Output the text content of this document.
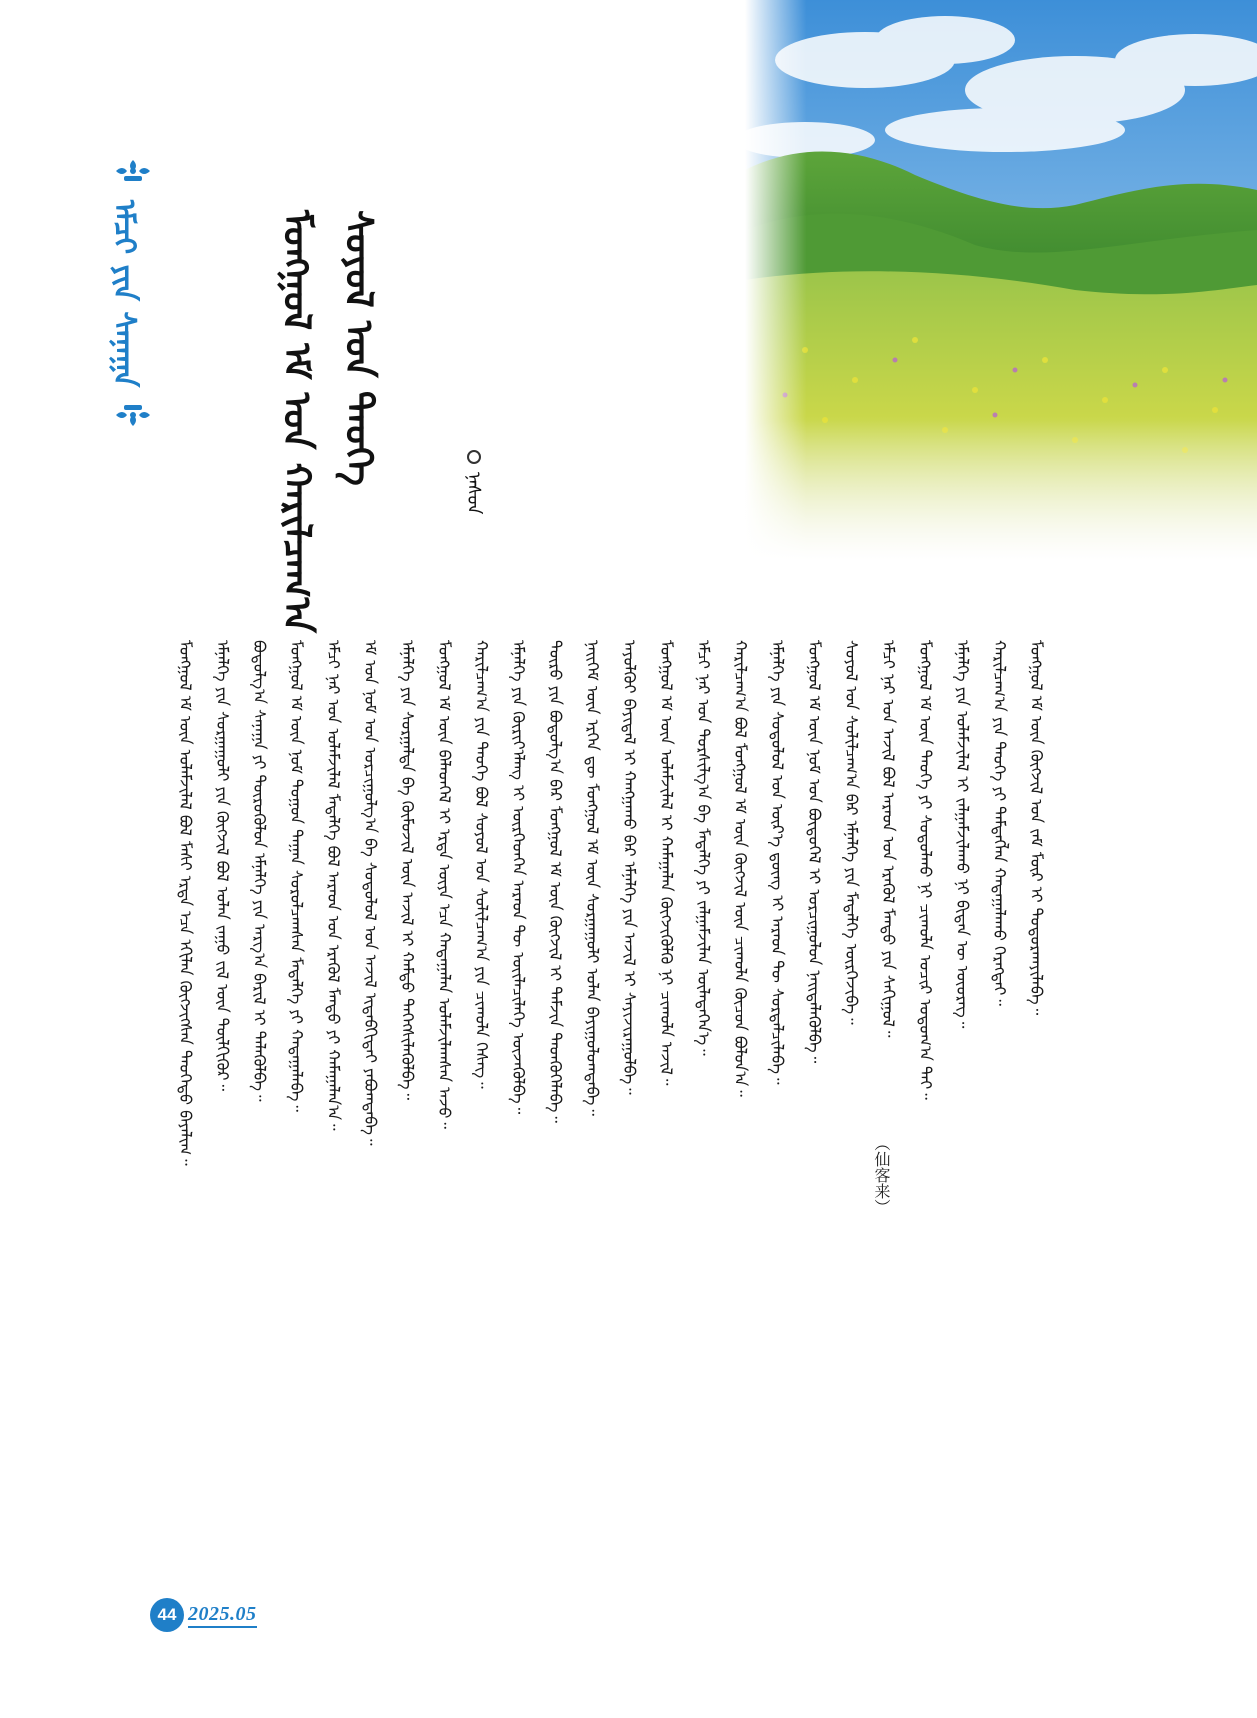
ᠡᠮᠴᠢ ᠶᠢᠨ ᠰᠠᠨᠠᠭᠠ	ᠮᠣᠩᠭᠣᠯ ᠡᠮ ᠤᠨ ᠬᠠᠷᠢᠯᠴᠠᠭ᠎ᠠ ᠰᠣᠶᠣᠯ ᠤᠨ ᠲᠡᠦᠬᠡ
ᠨᠠᠰᠤᠨ
ᠮᠣᠩᠭᠣᠯ ᠡᠮ ᠦᠨ ᠤᠯᠠᠮᠵᠢᠯᠠᠯ ᠪᠣᠯ ᠮᠠᠰᠢ ᠡᠷᠲᠡ ᠡᠴᠡ ᠡᠬᠢᠯᠡᠨ ᠬᠥᠭᠵᠢᠭᠰᠡᠨ ᠲᠡᠦᠬᠡᠲᠦ ᠪᠠᠶᠠᠯᠢᠭ᠃	ᠡᠮᠨᠡᠯᠭᠡ ᠶᠢᠨ ᠰᠤᠷᠭᠠᠭᠤᠯᠢ ᠶᠢᠨ ᠬᠥᠭᠵᠢᠯ ᠪᠣᠯ ᠣᠯᠠᠨ ᠵᠠᠭᠤ ᠵᠢᠯ ᠦᠨ ᠲᠦᠯᠬᠢᠭᠦᠷ᠃	ᠪᠣᠳᠤᠯᠭ᠎ᠠ ᠰᠠᠨᠠᠭᠠ ᠶᠢ ᠲᠦᠷᠦᠭᠦᠯᠦᠨ ᠡᠮᠨᠡᠯᠭᠡ ᠶᠢᠨ ᠠᠷᠭ᠎ᠠ ᠪᠠᠷᠢᠯ ᠢ ᠲᠡᠯᠡᠭᠦᠯᠪᠡ᠃	ᠮᠣᠩᠭᠣᠯ ᠡᠮ ᠦᠨ ᠨᠣᠮ ᠲᠣᠭᠣᠨ ᠳᠠᠭᠠᠨ ᠰᠤᠷᠤᠯᠴᠠᠭᠰᠠᠨ ᠮᠡᠳᠡᠯᠭᠡ ᠶᠢ ᠬᠠᠳᠠᠭᠠᠯᠠᠪᠠ᠃	ᠡᠮᠴᠢ ᠨᠠᠷ ᠤᠨ ᠤᠯᠠᠮᠵᠢᠯᠠᠯ ᠮᠡᠳᠡᠯᠭᠡ ᠪᠣᠯ ᠠᠷᠠᠳ ᠤᠨ ᠡᠷᠡᠭᠦᠯ ᠮᠡᠨᠳᠦ ᠶᠢ ᠬᠠᠮᠠᠭᠠᠯᠠᠨ᠎ᠠ᠃	ᠡᠮ ᠤᠨ ᠨᠣᠮ ᠤᠨ ᠣᠷᠴᠢᠭᠤᠯᠭ᠎ᠠ ᠪᠠ ᠰᠤᠳᠤᠯᠤᠯ ᠤᠨ ᠠᠵᠢᠯ ᠢᠳᠡᠪᠬᠢᠲᠡᠶ ᠶᠠᠪᠤᠭᠳᠠᠪᠠ᠃	ᠡᠮᠨᠡᠯᠭᠡ ᠶᠢᠨ ᠰᠤᠷᠭᠠᠯᠲᠠ ᠪᠠ ᠬᠦᠮᠦᠵᠢᠯ ᠦᠨ ᠠᠵᠢᠯ ᠢ ᠬᠠᠮᠲᠤ ᠳᠡᠭᠡᠭᠰᠢᠯᠡᠭᠦᠯᠪᠡ᠃	ᠮᠣᠩᠭᠣᠯ ᠡᠮ ᠦᠨ ᠪᠡᠯᠡᠳᠬᠡᠯ ᠢ ᠡᠷᠲᠡ ᠦᠶᠡ ᠡᠴᠡ ᠬᠠᠳᠠᠭᠠᠯᠠᠨ ᠤᠯᠠᠮᠵᠢᠯᠠᠭᠰᠠᠨ ᠠᠵᠤ᠃	ᠬᠠᠷᠢᠯᠴᠠᠭ᠎ᠠ ᠶᠢᠨ ᠲᠡᠦᠬᠡ ᠪᠣᠯ ᠰᠣᠶᠣᠯ ᠤᠨ ᠰᠣᠯᠢᠯᠴᠠᠭ᠎ᠠ ᠶᠢᠨ ᠴᠢᠬᠤᠯᠠ ᠬᠡᠰᠡᠭ᠃	ᠡᠮᠨᠡᠯᠭᠡ ᠶᠢᠨ ᠬᠦᠷᠢᠶ᠎ᠡᠯᠡᠩ ᠢ ᠥᠷᠭᠡᠳᠬᠡᠨ ᠠᠷᠠᠳ ᠲᠦ ᠦᠢᠯᠡᠴᠢᠯᠡᠭᠡ ᠦᠵᠡᠭᠦᠯᠪᠡ᠃	ᠲᠥᠷᠦ ᠶᠢᠨ ᠪᠣᠳᠤᠯᠭ᠎ᠠ ᠪᠡᠷ ᠮᠣᠩᠭᠣᠯ ᠡᠮ ᠦᠨ ᠬᠥᠭᠵᠢᠯ ᠢ ᠳᠡᠮᠵᠢᠨ ᠲᠡᠳᠬᠦᠭᠡᠯᠡᠪᠡ᠃	ᠨᠡᠢᠭᠡᠮ ᠦᠨ ᠡᠷᠭᠡᠨ ᠳᠦ ᠮᠣᠩᠭᠣᠯ ᠡᠮ ᠦᠨ ᠰᠤᠷᠭᠠᠭᠤᠯᠢ ᠣᠯᠠᠨ ᠪᠠᠶᠢᠭᠤᠯᠤᠭᠳᠠᠪᠠ᠃	ᠠᠶᠤᠯᠭᠦᠢ ᠪᠠᠶᠢᠳᠠᠯ ᠢ ᠬᠠᠩᠭᠠᠬᠤ ᠪᠠᠷ ᠡᠮᠨᠡᠯᠭᠡ ᠶᠢᠨ ᠠᠵᠢᠯ ᠢ ᠰᠠᠶᠢᠵᠢᠷᠠᠭᠤᠯᠪᠠ᠃	ᠮᠣᠩᠭᠣᠯ ᠡᠮ ᠦᠨ ᠤᠯᠠᠮᠵᠢᠯᠠᠯ ᠢ ᠬᠠᠮᠠᠭᠠᠯᠠᠨ ᠬᠥᠭᠵᠢᠭᠦᠯᠬᠦ ᠨᠢ ᠴᠢᠬᠤᠯᠠ ᠠᠵᠢᠯ᠃	ᠡᠮᠴᠢ ᠨᠠᠷ ᠤᠨ ᠲᠤᠷᠰᠢᠯᠭ᠎ᠠ ᠪᠠ ᠮᠡᠳᠡᠯᠭᠡ ᠶᠢ ᠵᠠᠯᠭᠠᠮᠵᠢᠯᠠᠨ ᠦᠯᠡᠳᠡᠭᠡᠨ᠎ᠡ᠃	ᠬᠠᠷᠢᠯᠴᠠᠭ᠎ᠠ ᠪᠣᠯ ᠮᠣᠩᠭᠣᠯ ᠡᠮ ᠦᠨ ᠬᠥᠭᠵᠢᠯ ᠦᠨ ᠴᠢᠬᠤᠯᠠ ᠬᠦᠴᠦᠨ ᠪᠣᠯᠤᠨ᠎ᠠ᠃	ᠡᠮᠨᠡᠯᠭᠡ ᠶᠢᠨ ᠰᠤᠳᠤᠯᠤᠯ ᠤᠨ ᠦᠷ᠎ᠡ ᠳ᠋ᠦᠩ ᠢ ᠠᠷᠠᠳ ᠲᠦ ᠰᠤᠷᠲᠠᠯᠴᠢᠯᠠᠪᠠ᠃	ᠮᠣᠩᠭᠣᠯ ᠡᠮ ᠦᠨ ᠨᠣᠮ ᠤᠨ ᠪᠦᠲᠦᠭᠡᠯ ᠢ ᠣᠷᠴᠢᠭᠤᠯᠤᠨ ᠨᠡᠢᠲᠡᠯᠡᠭᠦᠯᠪᠡ᠃	ᠰᠣᠶᠣᠯ ᠤᠨ ᠰᠣᠯᠢᠯᠴᠠᠭ᠎ᠠ ᠪᠠᠷ ᠡᠮᠨᠡᠯᠭᠡ ᠶᠢᠨ ᠮᠡᠳᠡᠯᠭᠡ ᠥᠷᠭᠡᠵᠢᠪᠡ᠃	ᠡᠮᠴᠢ ᠨᠠᠷ ᠤᠨ ᠠᠵᠢᠯ ᠪᠣᠯ ᠠᠷᠠᠳ ᠤᠨ ᠡᠷᠡᠭᠦᠯ ᠮᠡᠨᠳᠦ ᠶᠢᠨ ᠰᠠᠬᠢᠭᠤᠯ᠃	ᠮᠣᠩᠭᠣᠯ ᠡᠮ ᠦᠨ ᠲᠡᠦᠬᠡ ᠶᠢ ᠰᠤᠳᠤᠯᠬᠤ ᠨᠢ ᠴᠢᠬᠤᠯᠠ ᠤᠴᠢᠷ ᠤᠲᠤᠭ᠎ᠠ ᠲᠠᠢ᠃	ᠡᠮᠨᠡᠯᠭᠡ ᠶᠢᠨ ᠤᠯᠠᠮᠵᠢᠯᠠᠯ ᠢ ᠵᠠᠯᠭᠠᠮᠵᠢᠯᠠᠬᠤ ᠨᠢ ᠪᠢᠳᠡᠨ ᠦ ᠦᠦᠷᠡᠭ᠃	ᠬᠠᠷᠢᠯᠴᠠᠭ᠎ᠠ ᠶᠢᠨ ᠲᠡᠦᠬᠡ ᠶᠢ ᠲᠡᠮᠳᠡᠭᠯᠡᠨ ᠬᠠᠳᠠᠭᠠᠯᠠᠬᠤ ᠬᠡᠷᠡᠭᠲᠡᠶ᠃	ᠮᠣᠩᠭᠣᠯ ᠡᠮ ᠦᠨ ᠬᠥᠭᠵᠢᠯ ᠤᠨ ᠵᠠᠮ ᠮᠥᠷ ᠢ ᠲᠣᠳᠣᠷᠬᠠᠶᠢᠯᠠᠪᠠ᠃
（仙客来）
44 2025.05
